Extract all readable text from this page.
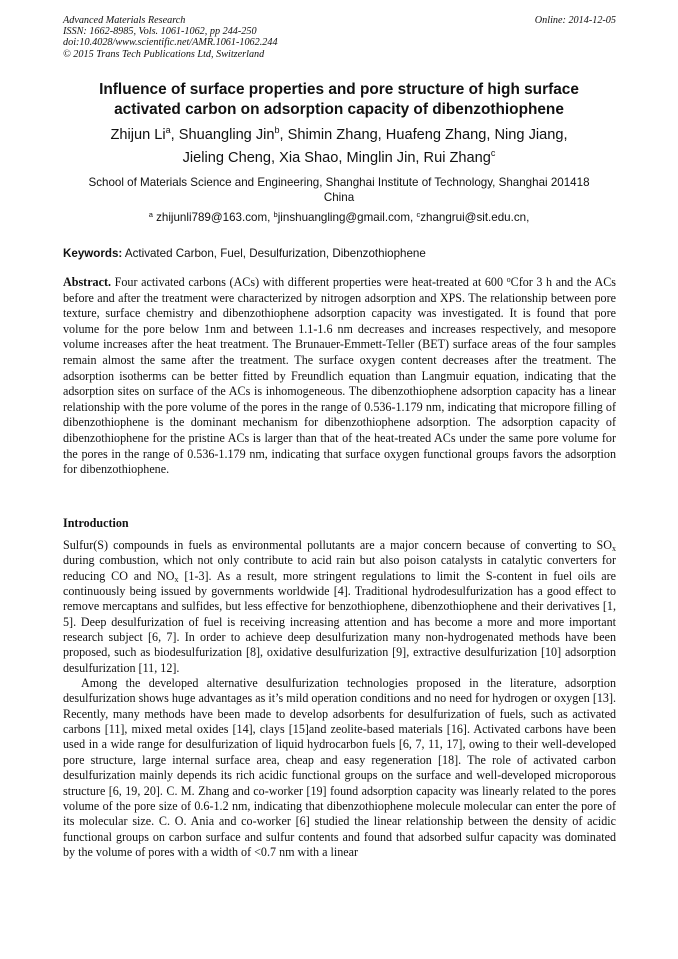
Advanced Materials Research
ISSN: 1662-8985, Vols. 1061-1062, pp 244-250
doi:10.4028/www.scientific.net/AMR.1061-1062.244
© 2015 Trans Tech Publications Ltd, Switzerland
Online: 2014-12-05
Influence of surface properties and pore structure of high surface
activated carbon on adsorption capacity of dibenzothiophene
Zhijun Li$^a$, Shuangling Jin$^b$, Shimin Zhang, Huafeng Zhang, Ning Jiang,
Jieling Cheng, Xia Shao, Minglin Jin, Rui Zhang$^c$
School of Materials Science and Engineering, Shanghai Institute of Technology, Shanghai 201418
China
$^a$ zhijunli789@163.com, $^b$jinshuangling@gmail.com, $^c$zhangrui@sit.edu.cn,
Keywords: Activated Carbon, Fuel, Desulfurization, Dibenzothiophene
Abstract. Four activated carbons (ACs) with different properties were heat-treated at 600 $^o$Cfor 3 h and the ACs before and after the treatment were characterized by nitrogen adsorption and XPS. The relationship between pore texture, surface chemistry and dibenzothiophene adsorption capacity was investigated. It is found that pore volume for the pore below 1nm and between 1.1-1.6 nm decreases and increases respectively, and mesopore volume increases after the heat treatment. The Brunauer-Emmett-Teller (BET) surface areas of the four samples remain almost the same after the treatment. The surface oxygen content decreases after the treatment. The adsorption isotherms can be better fitted by Freundlich equation than Langmuir equation, indicating that the adsorption sites on surface of the ACs is inhomogeneous. The dibenzothiophene adsorption capacity has a linear relationship with the pore volume of the pores in the range of 0.536-1.179 nm, indicating that micropore filling of dibenzothiophene is the dominant mechanism for dibenzothiophene adsorption. The adsorption capacity of dibenzothiophene for the pristine ACs is larger than that of the heat-treated ACs under the same pore volume for the pores in the range of 0.536-1.179 nm, indicating that surface oxygen functional groups favors the adsorption for dibenzothiophene.
Introduction

Sulfur(S) compounds in fuels as environmental pollutants are a major concern because of converting to $SO_x$ during combustion, which not only contribute to acid rain but also poison catalysts in catalytic converters for reducing CO and $NO_x$ [1-3]. As a result, more stringent regulations to limit the S-content in fuel oils are continuously being issued by governments worldwide [4]. Traditional hydrodesulfurization has a good effect to remove mercaptans and sulfides, but less effective for benzothiophene, dibenzothiophene and their derivatives [1, 5]. Deep desulfurization of fuel is receiving increasing attention and has become a more and more important research subject [6, 7]. In order to achieve deep desulfurization many non-hydrogenated methods have been proposed, such as biodesulfurization [8], oxidative desulfurization [9], extractive desulfurization [10] adsorption desulfurization [11, 12].

Among the developed alternative desulfurization technologies proposed in the literature, adsorption desulfurization shows huge advantages as it’s mild operation conditions and no need for hydrogen or oxygen [13]. Recently, many methods have been made to develop adsorbents for desulfurization of fuels, such as activated carbons [11], mixed metal oxides [14], clays [15]and zeolite-based materials [16]. Activated carbons have been used in a wide range for desulfurization of liquid hydrocarbon fuels [6, 7, 11, 17], owing to their well-developed pore structure, large internal surface area, cheap and easy regeneration [18]. The role of activated carbon desulfurization mainly depends its rich acidic functional groups on the surface and well-developed microporous structure [6, 19, 20]. C. M. Zhang and co-worker [19] found adsorption capacity was linearly related to the pores volume of the pore size of 0.6-1.2 nm, indicating that dibenzothiophene molecule molecular can enter the pore of its molecular size. C. O. Ania and co-worker [6] studied the linear relationship between the density of acidic functional groups on carbon surface and sulfur contents and found that adsorbed sulfur capacity was dominated by the volume of pores with a width of <0.7 nm with a linear
